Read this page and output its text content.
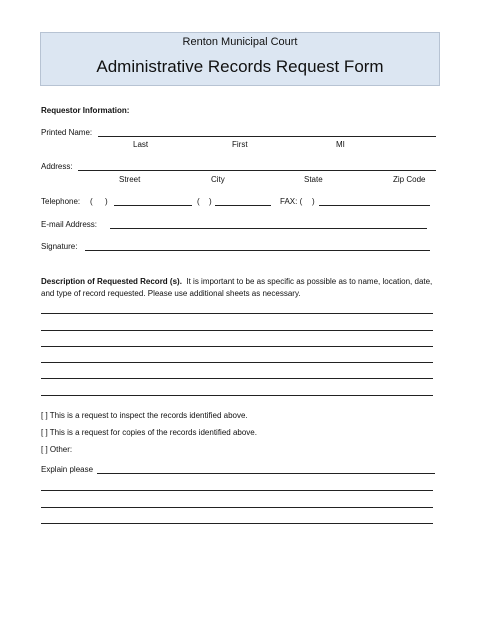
Renton Municipal Court
Administrative Records Request Form
Requestor Information:
Printed Name:
Last	First	MI
Address:
Street	City	State	Zip Code
Telephone: ( )	( )	FAX: ( )
E-mail Address:
Signature:
Description of Requested Record (s). It is important to be as specific as possible as to name, location, date, and type of record requested. Please use additional sheets as necessary.
[ ] This is a request to inspect the records identified above.
[ ] This is a request for copies of the records identified above.
[ ] Other:
Explain please
